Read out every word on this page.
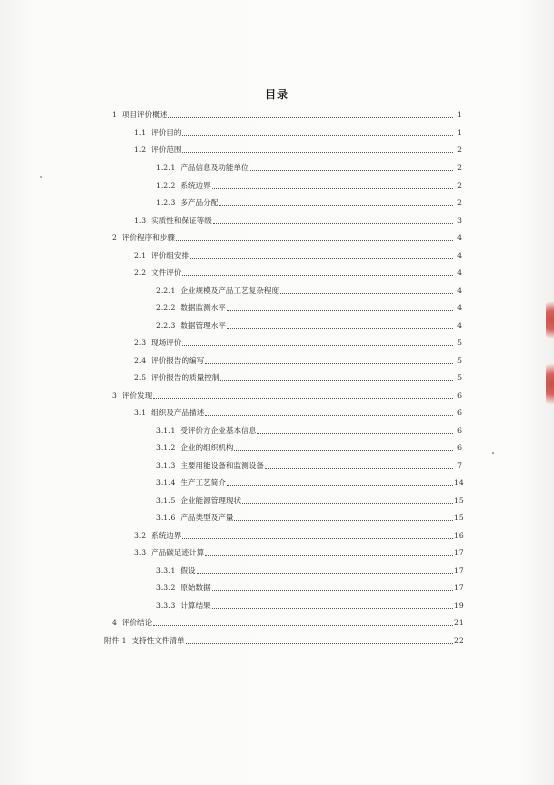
目录
1 项目评价概述	1
1.1 评价目的	1
1.2 评价范围	2
1.2.1 产品信息及功能单位	2
1.2.2 系统边界	2
1.2.3 多产品分配	2
1.3 实质性和保证等级	3
2 评价程序和步骤	4
2.1 评价组安排	4
2.2 文件评价	4
2.2.1 企业规模及产品工艺复杂程度	4
2.2.2 数据监测水平	4
2.2.3 数据管理水平	4
2.3 现场评价	5
2.4 评价报告的编写	5
2.5 评价报告的质量控制	5
3 评价发现	6
3.1 组织及产品描述	6
3.1.1 受评价方企业基本信息	6
3.1.2 企业的组织机构	6
3.1.3 主要用能设备和监测设备	7
3.1.4 生产工艺简介	14
3.1.5 企业能源管理现状	15
3.1.6 产品类型及产量	15
3.2 系统边界	16
3.3 产品碳足迹计算	17
3.3.1 假设	17
3.3.2 原始数据	17
3.3.3 计算结果	19
4 评价结论	21
附件 1 支持性文件清单	22
